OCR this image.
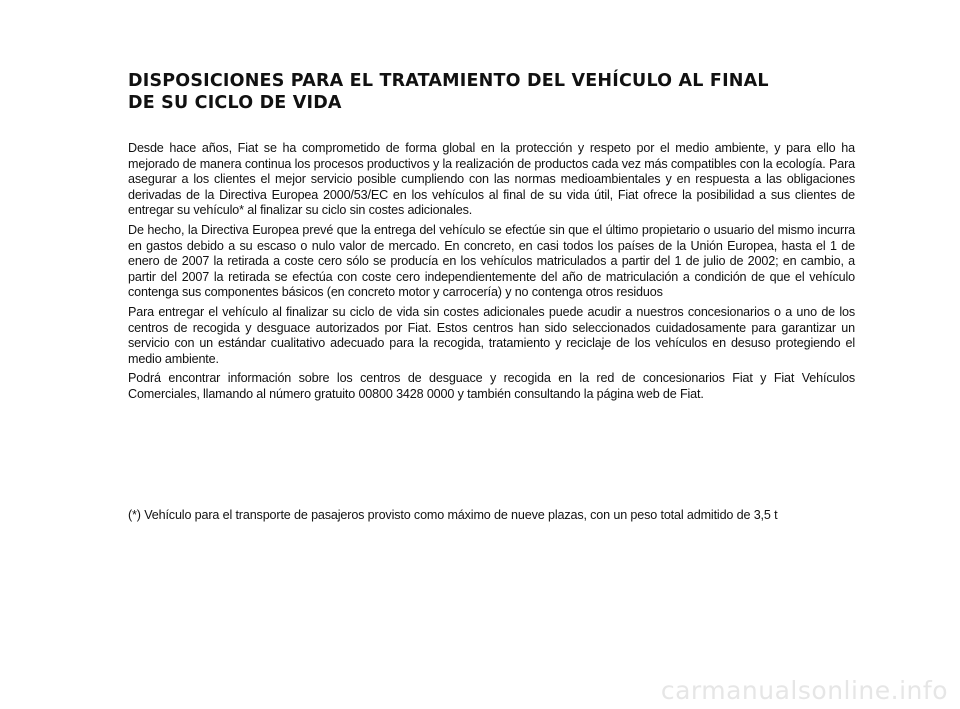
DISPOSICIONES PARA EL TRATAMIENTO DEL VEHÍCULO AL FINAL
DE SU CICLO DE VIDA

Desde hace años, Fiat se ha comprometido de forma global en la protección y respeto por el medio ambiente, y para ello ha mejorado de manera continua los procesos productivos y la realización de productos cada vez más compatibles con la ecología. Para asegurar a los clientes el mejor servicio posible cumpliendo con las normas medioambientales y en respuesta a las obligaciones derivadas de la Directiva Europea 2000/53/EC en los vehículos al final de su vida útil, Fiat ofrece la posibilidad a sus clientes de entregar su vehículo* al finalizar su ciclo sin costes adicionales.

De hecho, la Directiva Europea prevé que la entrega del vehículo se efectúe sin que el último propietario o usuario del mismo incurra en gastos debido a su escaso o nulo valor de mercado. En concreto, en casi todos los países de la Unión Europea, hasta el 1 de enero de 2007 la retirada a coste cero sólo se producía en los vehículos matriculados a partir del 1 de julio de 2002; en cambio, a partir del 2007 la retirada se efectúa con coste cero independientemente del año de matriculación a condición de que el vehículo contenga sus componentes básicos (en concreto motor y carrocería) y no contenga otros residuos

Para entregar el vehículo al finalizar su ciclo de vida sin costes adicionales puede acudir a nuestros concesionarios o a uno de los centros de recogida y desguace autorizados por Fiat. Estos centros han sido seleccionados cuidadosamente para garantizar un servicio con un estándar cualitativo adecuado para la recogida, tratamiento y reciclaje de los vehículos en desuso protegiendo el medio ambiente.

Podrá encontrar información sobre los centros de desguace y recogida en la red de concesionarios Fiat y Fiat Vehículos Comerciales, llamando al número gratuito 00800 3428 0000 y también consultando la página web de Fiat.

(*) Vehículo para el transporte de pasajeros provisto como máximo de nueve plazas, con un peso total admitido de 3,5 t

carmanualsonline.info
